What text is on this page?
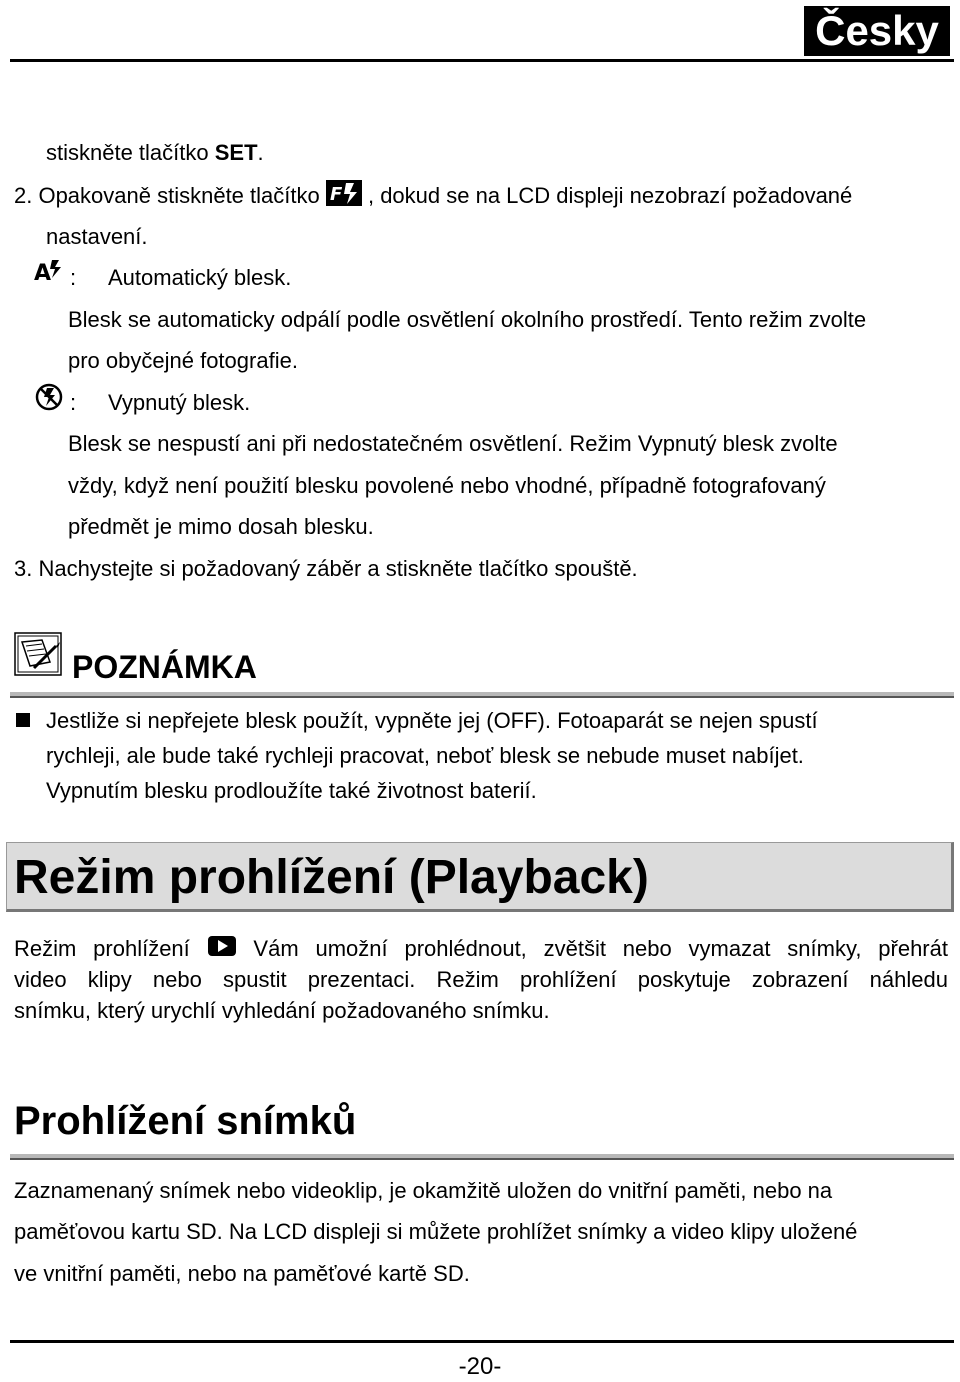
Česky
stiskněte tlačítko SET.
2. Opakovaně stiskněte tlačítko F , dokud se na LCD displeji nezobrazí požadované
nastavení.
A : Automatický blesk.
Blesk se automaticky odpálí podle osvětlení okolního prostředí. Tento režim zvolte
pro obyčejné fotografie.
: Vypnutý blesk.
Blesk se nespustí ani při nedostatečném osvětlení. Režim Vypnutý blesk zvolte
vždy, když není použití blesku povolené nebo vhodné, případně fotografovaný
předmět je mimo dosah blesku.
3. Nachystejte si požadovaný záběr a stiskněte tlačítko spouště.
POZNÁMKA
Jestliže si nepřejete blesk použít, vypněte jej (OFF). Fotoaparát se nejen spustí
rychleji, ale bude také rychleji pracovat, neboť blesk se nebude muset nabíjet.
Vypnutím blesku prodloužíte také životnost baterií.
Režim prohlížení (Playback)
Režim prohlížení  Vám umožní prohlédnout, zvětšit nebo vymazat snímky, přehrát
video klipy nebo spustit prezentaci. Režim prohlížení poskytuje zobrazení náhledu
snímku, který urychlí vyhledání požadovaného snímku.
Prohlížení snímků
Zaznamenaný snímek nebo videoklip, je okamžitě uložen do vnitřní paměti, nebo na
paměťovou kartu SD. Na LCD displeji si můžete prohlížet snímky a video klipy uložené
ve vnitřní paměti, nebo na paměťové kartě SD.
-20-
